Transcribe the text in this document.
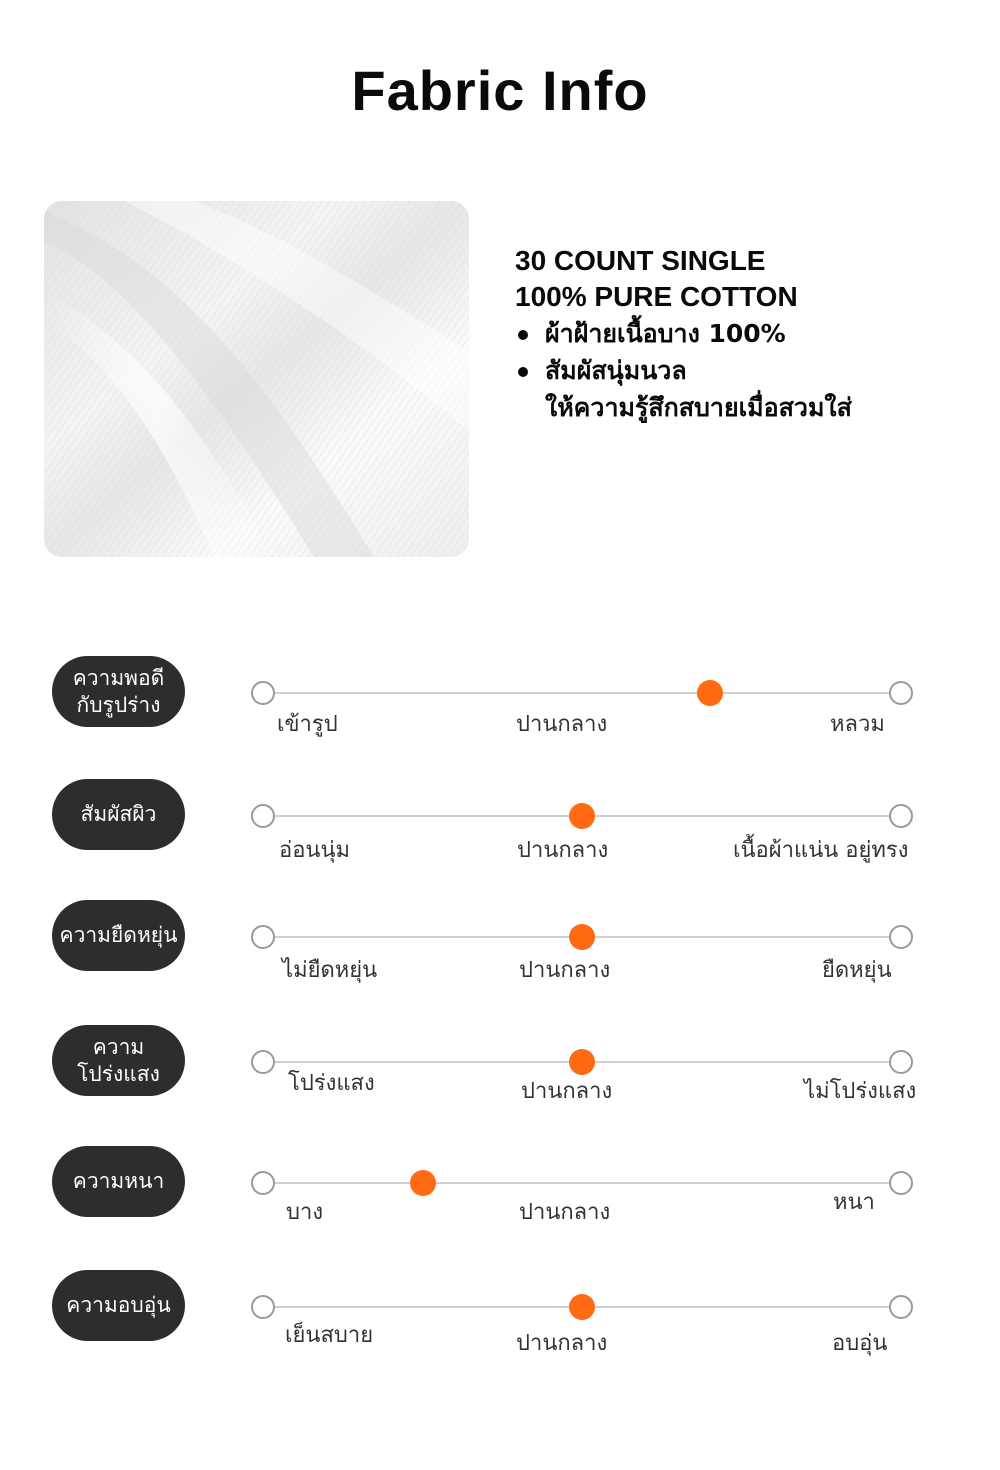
Fabric Info
30 COUNT SINGLE
100% PURE COTTON
ผ้าฝ้ายเนื้อบาง 100%
สัมผัสนุ่มนวล
ให้ความรู้สึกสบายเมื่อสวมใส่
ความพอดี
กับรูปร่าง
เข้ารูป	ปานกลาง	หลวม
สัมผัสผิว
อ่อนนุ่ม	ปานกลาง	เนื้อผ้าแน่น อยู่ทรง
ความยืดหยุ่น
ไม่ยืดหยุ่น	ปานกลาง	ยืดหยุ่น
ความ
โปร่งแสง	โปร่งแสง	ปานกลาง	ไม่โปร่งแสง
ความหนา
บาง	ปานกลาง	หนา
ความอบอุ่น
เย็นสบาย	ปานกลาง	อบอุ่น
